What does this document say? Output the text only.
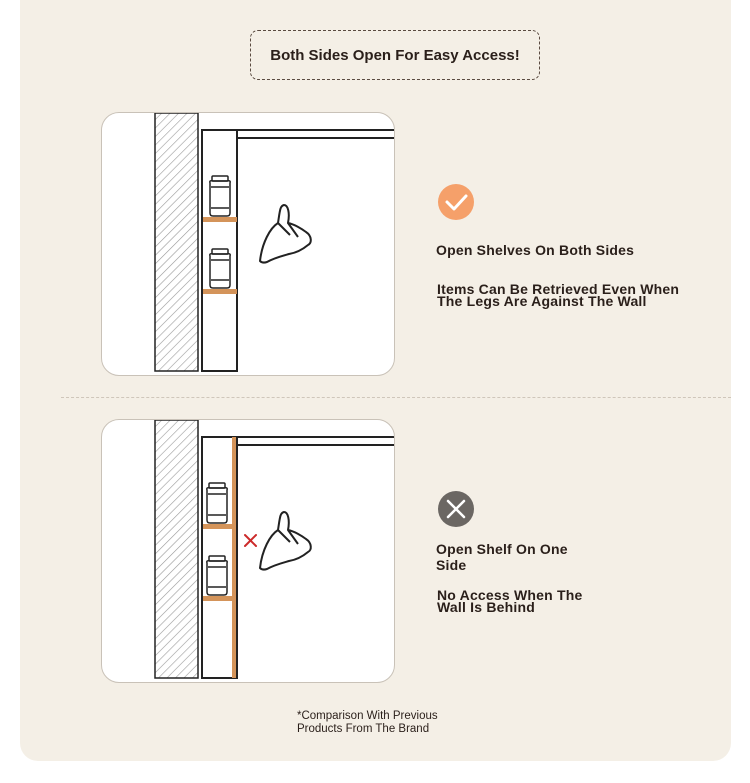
Both Sides Open For Easy Access!
Open Shelves On Both Sides
Items Can Be Retrieved Even When The Legs Are Against The Wall
Open Shelf On One Side
No Access When The Wall Is Behind
*Comparison With Previous Products From The Brand
